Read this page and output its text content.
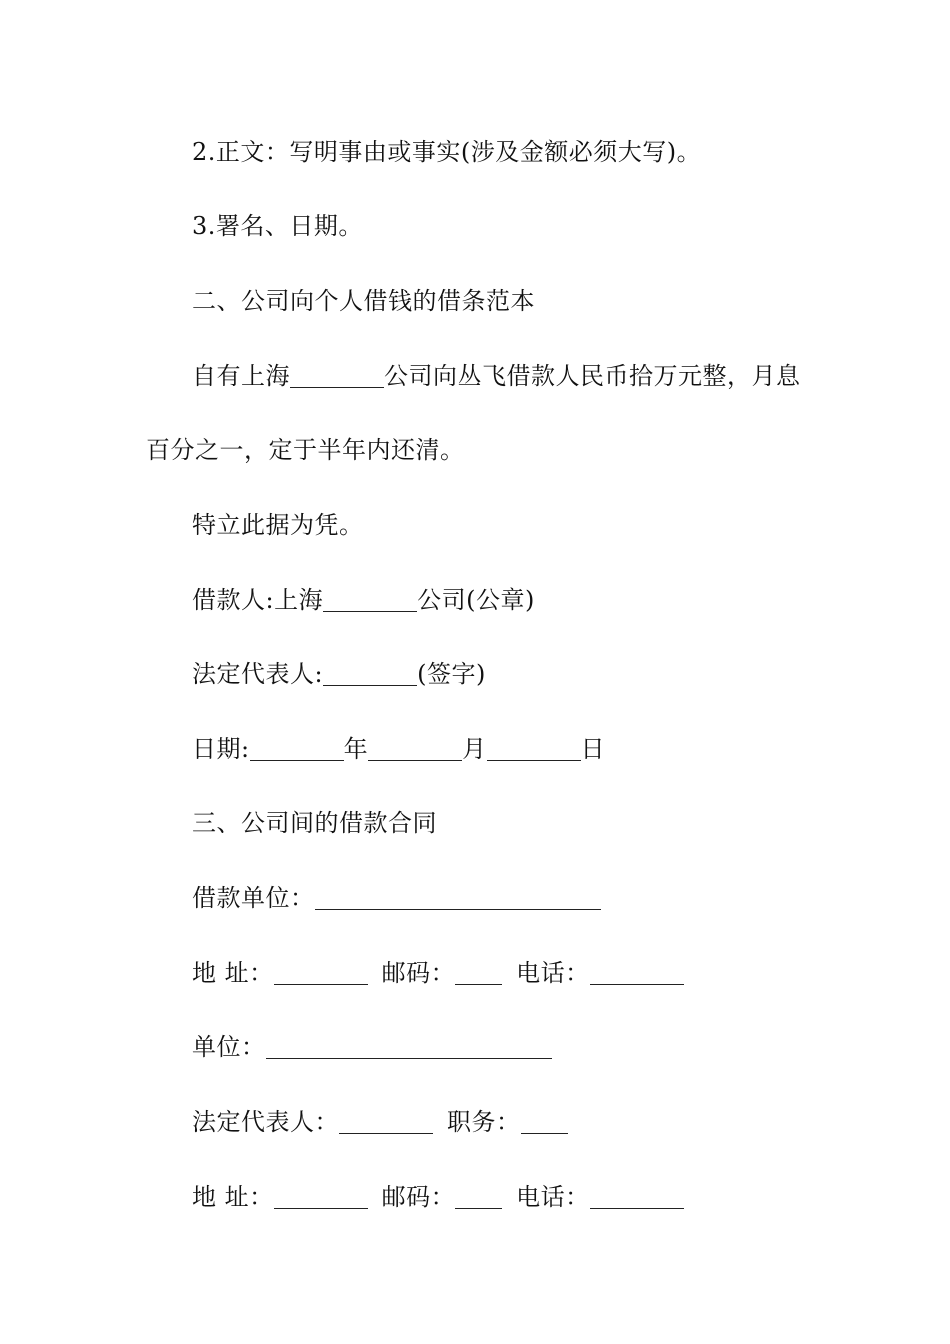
2.正文：写明事由或事实(涉及金额必须大写)。
3.署名、日期。
二、公司向个人借钱的借条范本
自有上海	公司向丛飞借款人民币拾万元整，月息
百分之一，定于半年内还清。
特立此据为凭。
借款人:上海	公司(公章)
法定代表人:	(签字)
日期:	年	月	日
三、公司间的借款合同
借款单位：
地 址：	邮码：	电话：
单位：
法定代表人：	职务：
地 址：	邮码：	电话：
